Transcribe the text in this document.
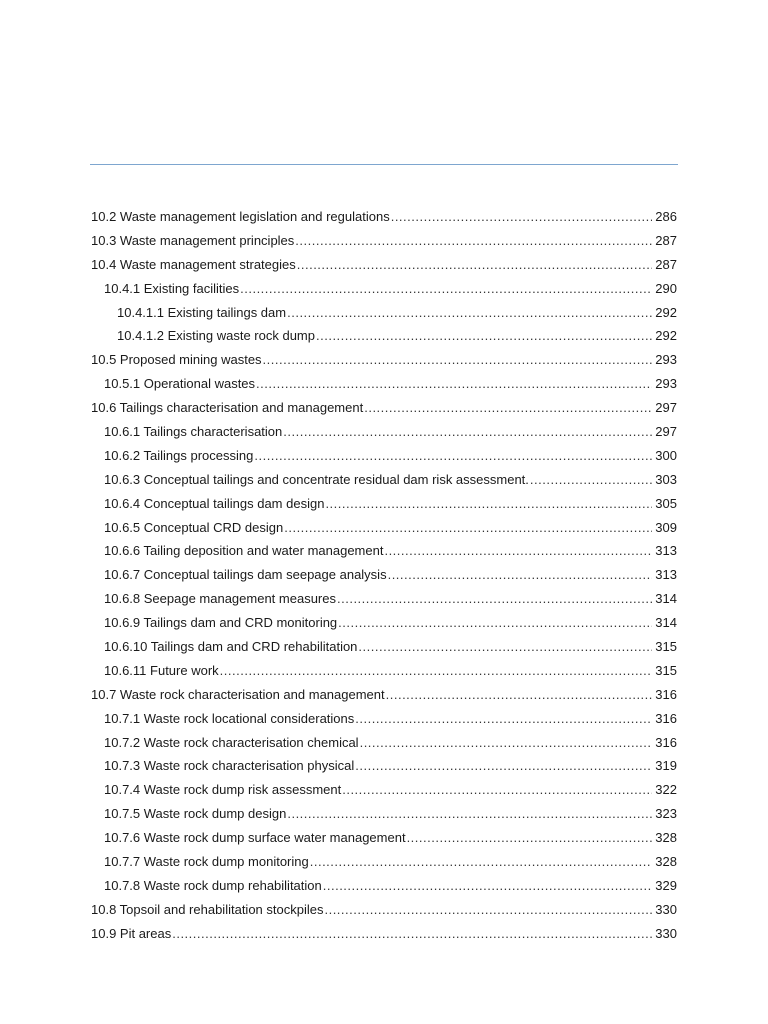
10.2 Waste management legislation and regulations .....	286
10.3 Waste management principles .....	287
10.4 Waste management strategies .....	287
10.4.1 Existing facilities .....	290
10.4.1.1 Existing tailings dam .....	292
10.4.1.2 Existing waste rock dump .....	292
10.5 Proposed mining wastes .....	293
10.5.1 Operational wastes .....	293
10.6 Tailings characterisation and management .....	297
10.6.1 Tailings characterisation .....	297
10.6.2 Tailings processing .....	300
10.6.3 Conceptual tailings and concentrate residual dam risk assessment. .....	303
10.6.4 Conceptual tailings dam design .....	305
10.6.5 Conceptual CRD design .....	309
10.6.6 Tailing deposition and water management .....	313
10.6.7 Conceptual tailings dam seepage analysis .....	313
10.6.8 Seepage management measures .....	314
10.6.9 Tailings dam and CRD monitoring .....	314
10.6.10 Tailings dam and CRD rehabilitation .....	315
10.6.11 Future work .....	315
10.7 Waste rock characterisation and management .....	316
10.7.1 Waste rock locational considerations .....	316
10.7.2 Waste rock characterisation chemical .....	316
10.7.3 Waste rock characterisation physical .....	319
10.7.4 Waste rock dump risk assessment .....	322
10.7.5 Waste rock dump design .....	323
10.7.6 Waste rock dump surface water management .....	328
10.7.7 Waste rock dump monitoring .....	328
10.7.8 Waste rock dump rehabilitation .....	329
10.8 Topsoil and rehabilitation stockpiles .....	330
10.9 Pit areas .....	330
